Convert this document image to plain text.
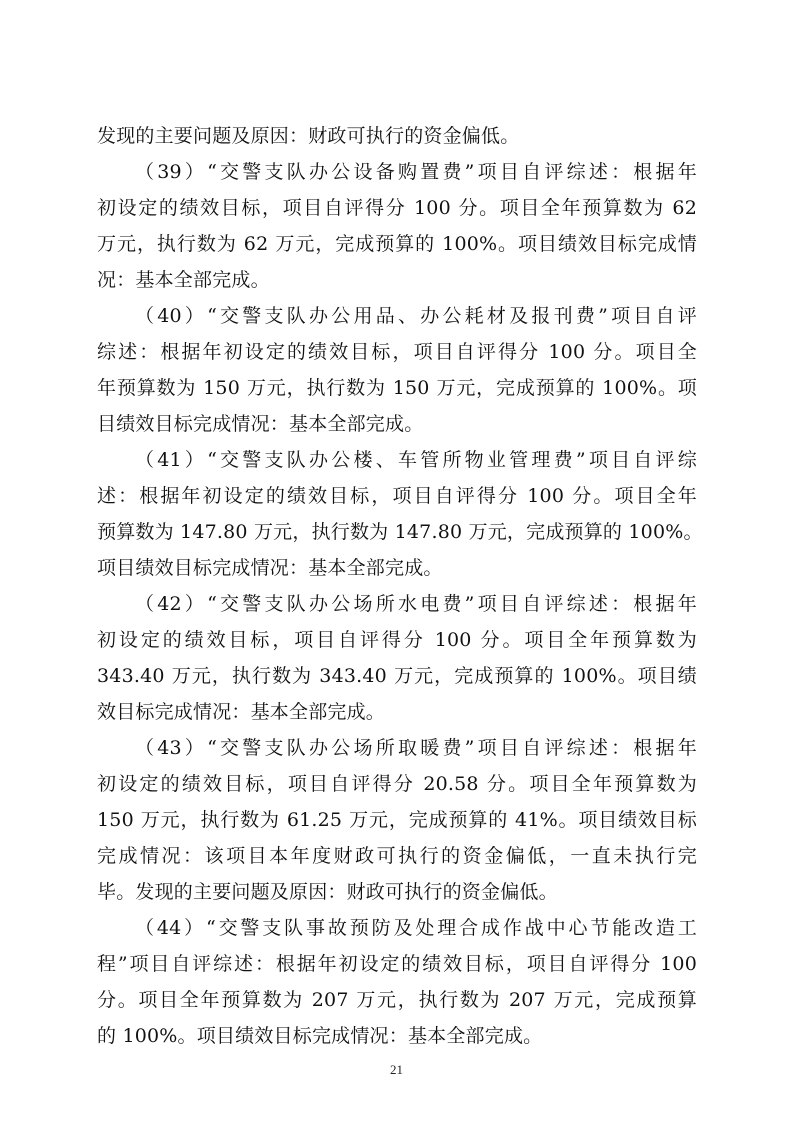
发现的主要问题及原因：财政可执行的资金偏低。
（39）“交警支队办公设备购置费”项目自评综述：根据年
初设定的绩效目标，项目自评得分 100 分。项目全年预算数为 62
万元，执行数为 62 万元，完成预算的 100%。项目绩效目标完成情
况：基本全部完成。
（40）“交警支队办公用品、办公耗材及报刊费”项目自评
综述：根据年初设定的绩效目标，项目自评得分 100 分。项目全
年预算数为 150 万元，执行数为 150 万元，完成预算的 100%。项
目绩效目标完成情况：基本全部完成。
（41）“交警支队办公楼、车管所物业管理费”项目自评综
述：根据年初设定的绩效目标，项目自评得分 100 分。项目全年
预算数为 147.80 万元，执行数为 147.80 万元，完成预算的 100%。
项目绩效目标完成情况：基本全部完成。
（42）“交警支队办公场所水电费”项目自评综述：根据年
初设定的绩效目标，项目自评得分 100 分。项目全年预算数为
343.40 万元，执行数为 343.40 万元，完成预算的 100%。项目绩
效目标完成情况：基本全部完成。
（43）“交警支队办公场所取暖费”项目自评综述：根据年
初设定的绩效目标，项目自评得分 20.58 分。项目全年预算数为
150 万元，执行数为 61.25 万元，完成预算的 41%。项目绩效目标
完成情况：该项目本年度财政可执行的资金偏低，一直未执行完
毕。发现的主要问题及原因：财政可执行的资金偏低。
（44）“交警支队事故预防及处理合成作战中心节能改造工
程”项目自评综述：根据年初设定的绩效目标，项目自评得分 100
分。项目全年预算数为 207 万元，执行数为 207 万元，完成预算
的 100%。项目绩效目标完成情况：基本全部完成。
21
